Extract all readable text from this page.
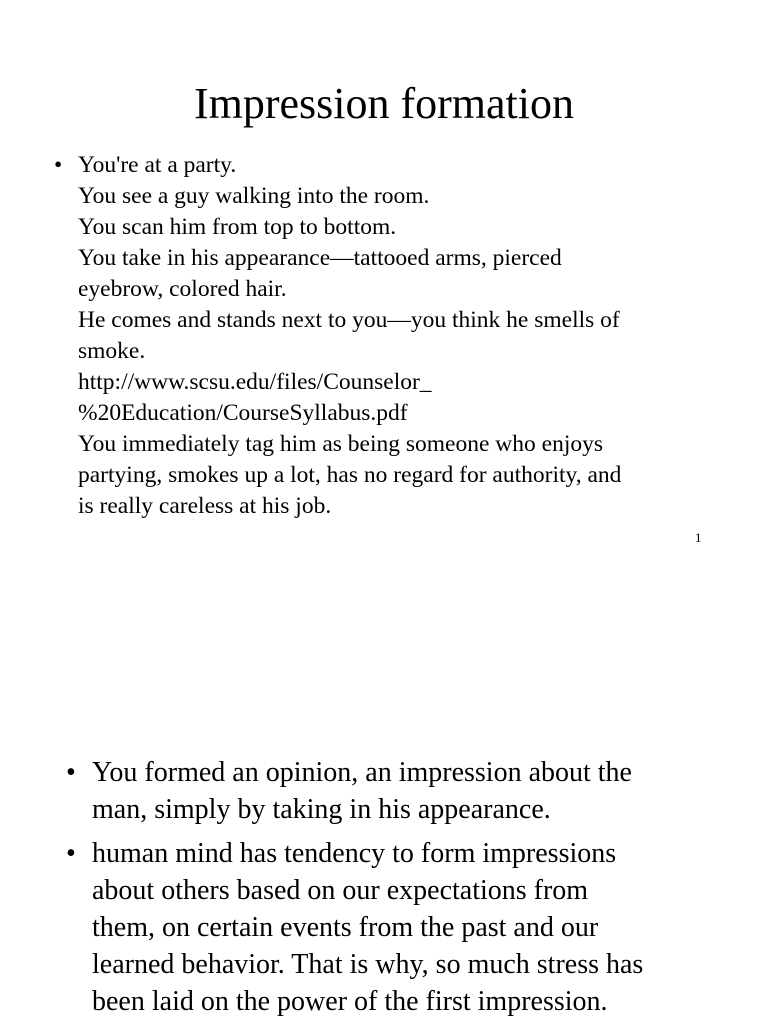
Impression formation
• You're at a party.
You see a guy walking into the room.
You scan him from top to bottom.
You take in his appearance—tattooed arms, pierced
eyebrow, colored hair.
He comes and stands next to you—you think he smells of
smoke.
http://www.scsu.edu/files/Counselor_
%20Education/CourseSyllabus.pdf
You immediately tag him as being someone who enjoys
partying, smokes up a lot, has no regard for authority, and
is really careless at his job.
1
• You formed an opinion, an impression about the
man, simply by taking in his appearance.
• human mind has tendency to form impressions
about others based on our expectations from
them, on certain events from the past and our
learned behavior. That is why, so much stress has
been laid on the power of the first impression.
